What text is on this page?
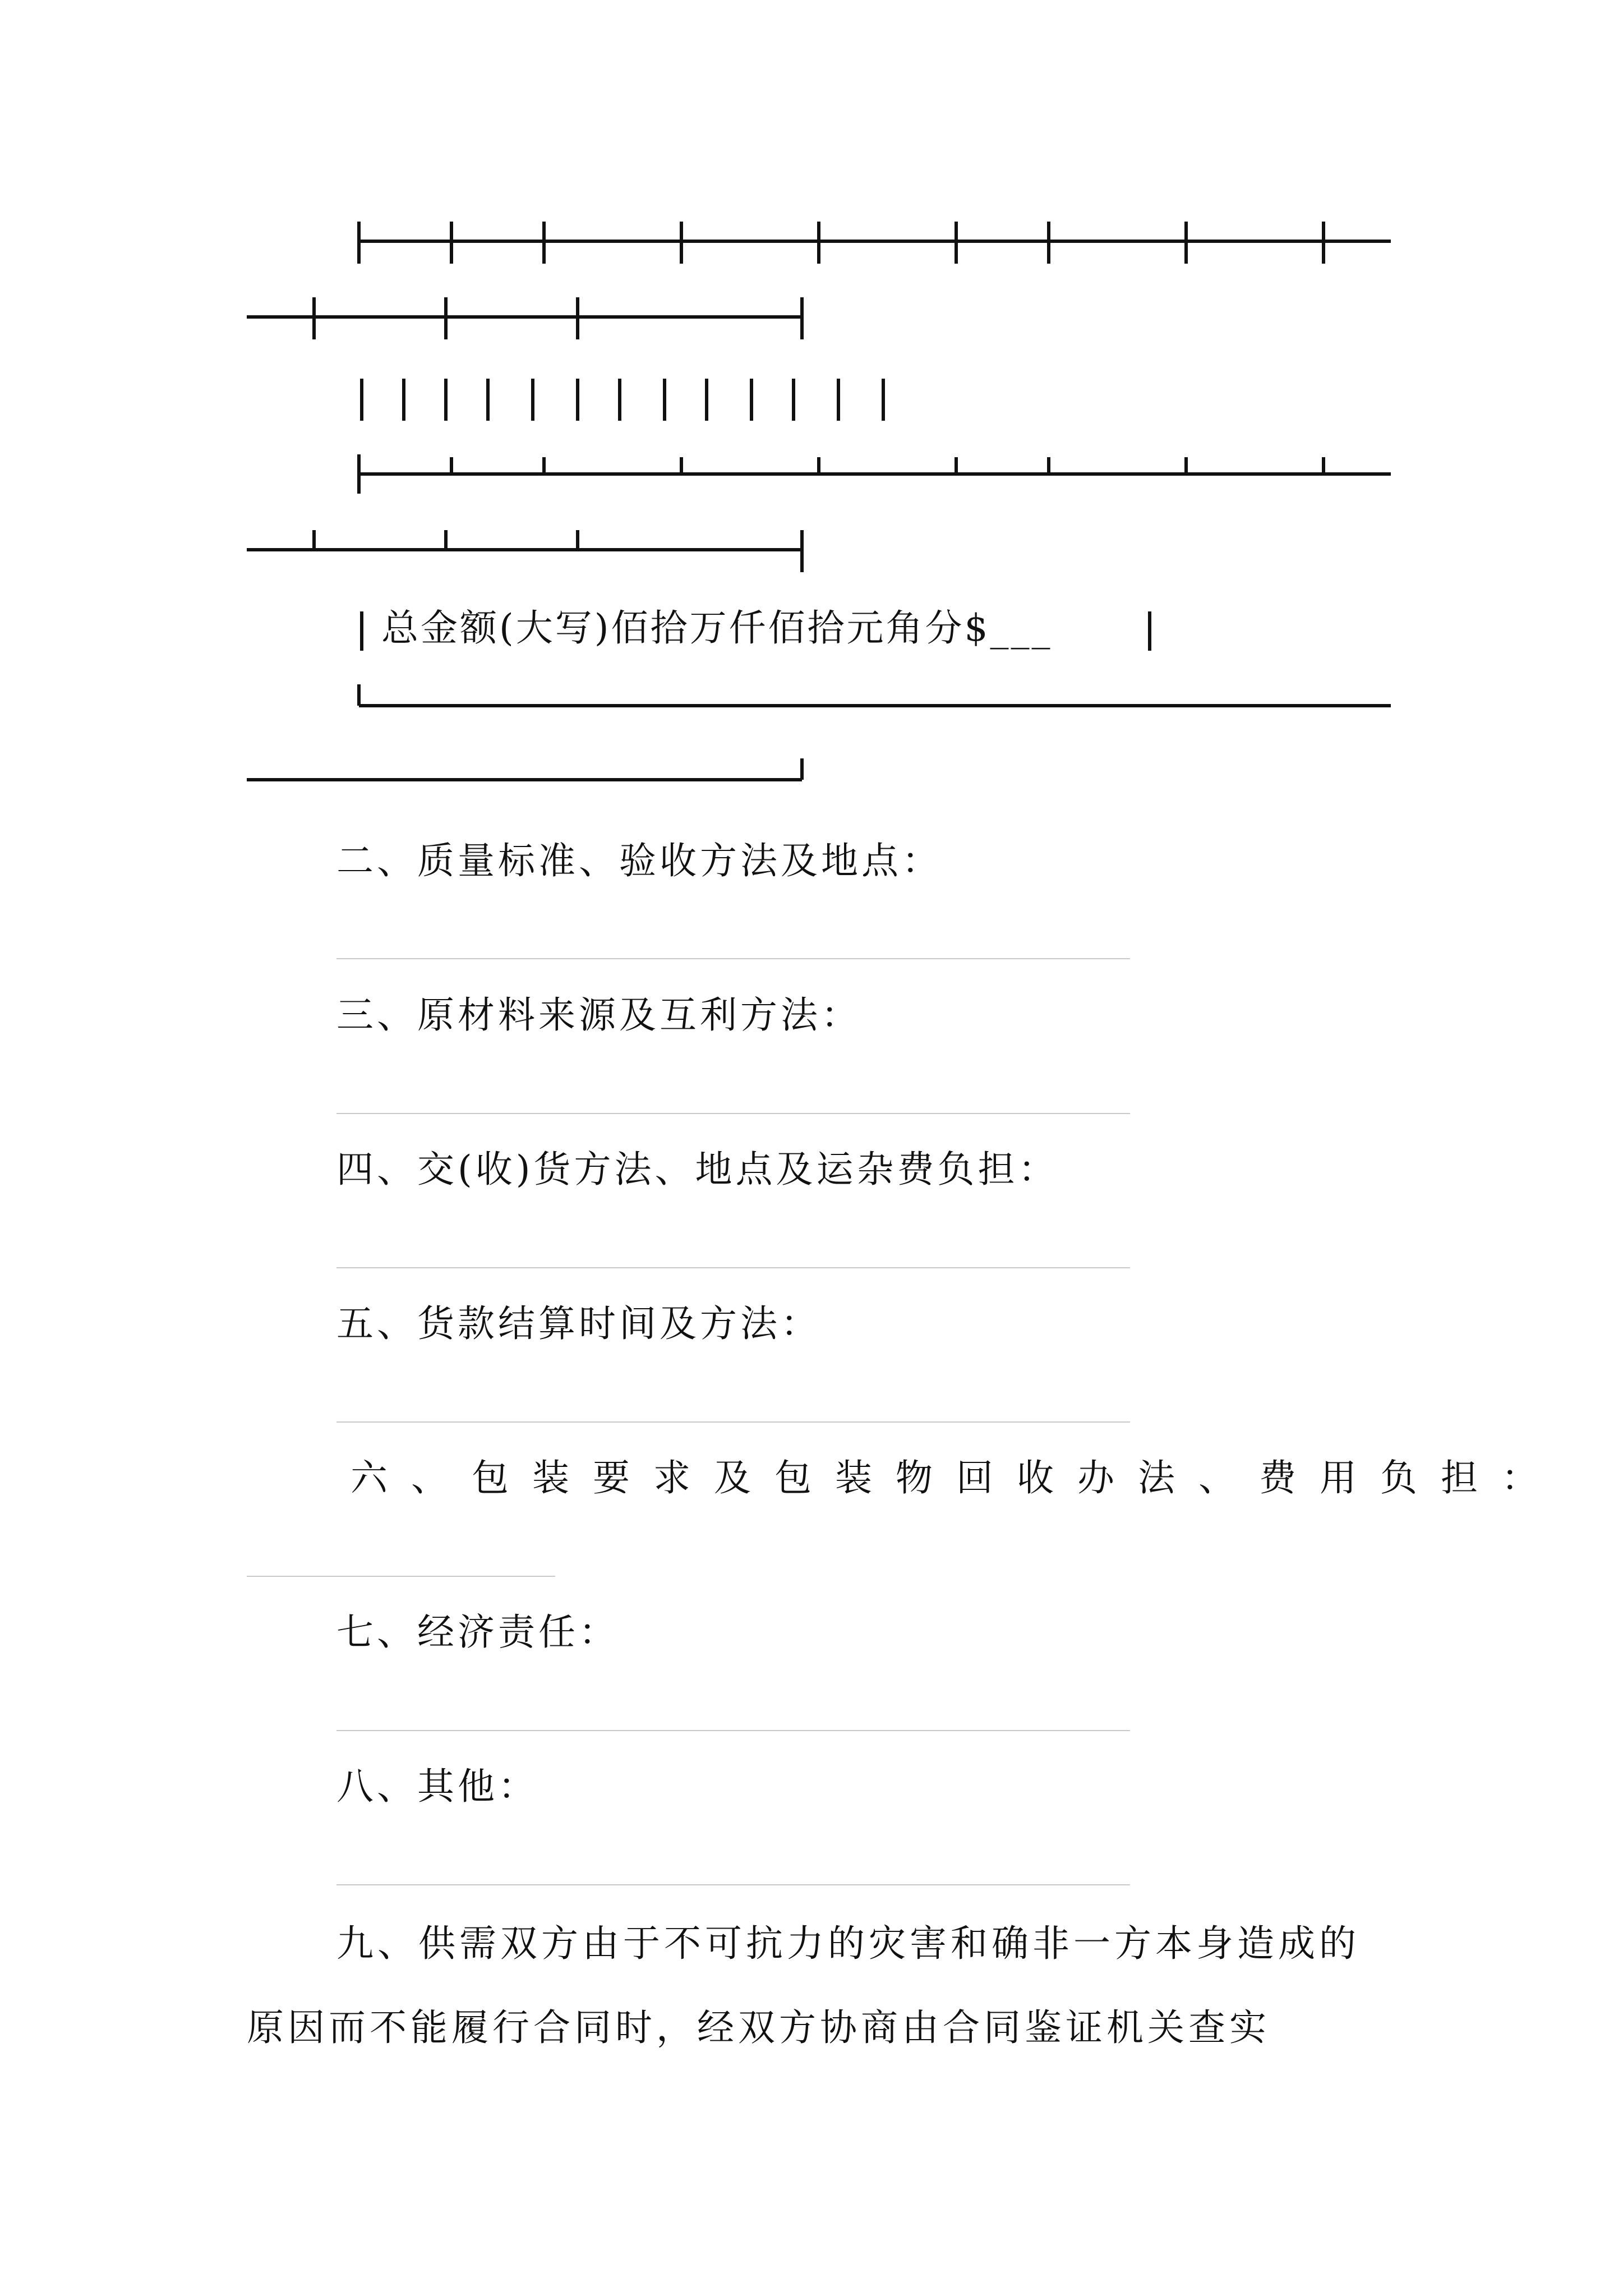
总金额(大写)佰拾万仟佰拾元角分$___
二、质量标准、验收方法及地点：
三、原材料来源及互利方法：
四、交(收)货方法、地点及运杂费负担：
五、货款结算时间及方法：
六、包装要求及包装物回收办法、费用负担：
七、经济责任：
八、其他：
九、供需双方由于不可抗力的灾害和确非一方本身造成的原因而不能履行合同时，经双方协商由合同鉴证机关查实
